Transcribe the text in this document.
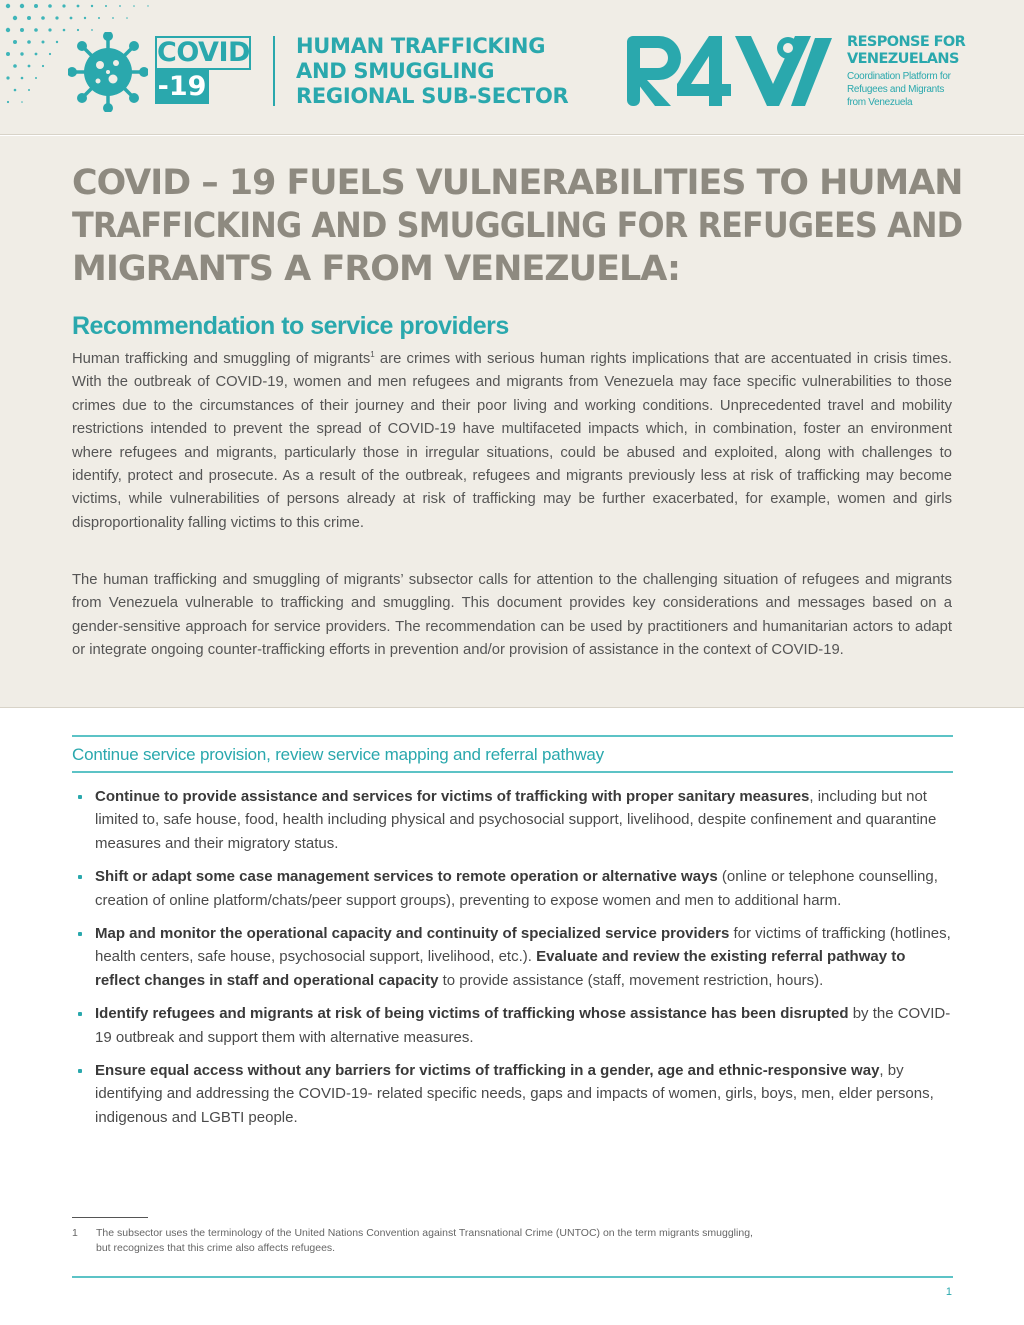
COVID
-19
HUMAN TRAFFICKING
AND SMUGGLING
REGIONAL SUB-SECTOR
RESPONSE FOR
VENEZUELANS
Coordination Platform for
Refugees and Migrants
from Venezuela
COVID – 19 FUELS VULNERABILITIES TO HUMAN
TRAFFICKING AND SMUGGLING FOR REFUGEES AND
MIGRANTS A FROM VENEZUELA:
Recommendation to service providers

Human trafficking and smuggling of migrants$^1$ are crimes with serious human rights implications that are accentuated in crisis times. With the outbreak of COVID-19, women and men refugees and migrants from Venezuela may face specific vulnerabilities to those crimes due to the circumstances of their journey and their poor living and working conditions. Unprecedented travel and mobility restrictions intended to prevent the spread of COVID-19 have multifaceted impacts which, in combination, foster an environment where refugees and migrants, particularly those in irregular situations, could be abused and exploited, along with challenges to identify, protect and prosecute. As a result of the outbreak, refugees and migrants previously less at risk of trafficking may become victims, while vulnerabilities of persons already at risk of trafficking may be further exacerbated, for example, women and girls disproportionality falling victims to this crime.

The human trafficking and smuggling of migrants’ subsector calls for attention to the challenging situation of refugees and migrants from Venezuela vulnerable to trafficking and smuggling. This document provides key considerations and messages based on a gender-sensitive approach for service providers. The recommendation can be used by practitioners and humanitarian actors to adapt or integrate ongoing counter-trafficking efforts in prevention and/or provision of assistance in the context of COVID-19.

Continue service provision, review service mapping and referral pathway
Continue to provide assistance and services for victims of trafficking with proper sanitary measures, including but not limited to, safe house, food, health including physical and psychosocial support, livelihood, despite confinement and quarantine measures and their migratory status.
Shift or adapt some case management services to remote operation or alternative ways (online or telephone counselling, creation of online platform/chats/peer support groups), preventing to expose women and men to additional harm.
Map and monitor the operational capacity and continuity of specialized service providers for victims of trafficking (hotlines, health centers, safe house, psychosocial support, livelihood, etc.). Evaluate and review the existing referral pathway to reflect changes in staff and operational capacity to provide assistance (staff, movement restriction, hours).
Identify refugees and migrants at risk of being victims of trafficking whose assistance has been disrupted by the COVID-19 outbreak and support them with alternative measures.
Ensure equal access without any barriers for victims of trafficking in a gender, age and ethnic-responsive way, by identifying and addressing the COVID-19- related specific needs, gaps and impacts of women, girls, boys, men, elder persons, indigenous and LGBTI people.
1 The subsector uses the terminology of the United Nations Convention against Transnational Crime (UNTOC) on the term migrants smuggling, but recognizes that this crime also affects refugees.
1
